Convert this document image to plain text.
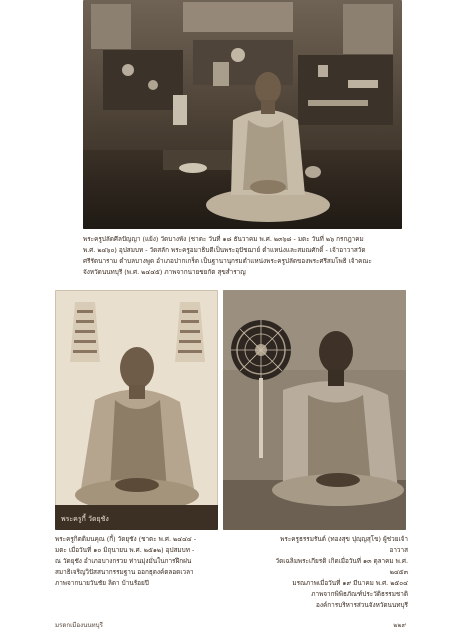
พระครูปลัดศีลปัญญา (แย้ง) วัดบางพัง (ชาตะ วันที่ ๑๘ ธันวาคม พ.ศ. ๒๓๖๘ - มตะ วันที่ ๒๖ กรกฎาคม
พ.ศ. ๒๔๖๐) อุปสมบท - วัดสลัก พระครูอมาธิบดีเป็นพระอุปัชฌาย์ ตำแหน่งและสมณศักดิ์ - เจ้าอาวาสวัด
ศรีรัตนาราม ตำบลบางพูด อำเภอปากเกร็ด เป็นฐานานุกรมตำแหน่งพระครูปลัดของพระศรีสมโพธิ เจ้าคณะ
จังหวัดนนทบุรี (พ.ศ. ๒๔๔๕) ภาพจากนายชยกัต สุขสำราญ
พระครูกี้ วัดยุชัง
พระครูกิตติมนคุณ (กี้) วัดยุชัง (ชาตะ พ.ศ. ๒๔๔๔ -
มตะ เมื่อวันที่ ๑๐ มิถุนายน พ.ศ. ๒๕๑๒) อุปสมบท -
ณ วัดยุชัง อำเภอบางกรวย ท่านมุ่งมั่นในการฝึกฝน
สมาธิเจริญวิปัสสนากรรมฐาน ออกธุดงค์ตลอดเวลา
ภาพจากนายวันชัย ลิดา บ้านร้อยปี
พระครูธรรมรันต์ (ทองสุข ปุญฺญสุโข) ผู้ช่วยเจ้าอาวาส
วัดเฉลิมพระเกียรติ เกิดเมื่อวันที่ ๑๓ ตุลาคม พ.ศ. ๒๔๕๓
มรณภาพเมื่อวันที่ ๑๙ มีนาคม พ.ศ. ๒๕๐๔
ภาพจากพิพิธภัณฑ์ประวัติธรรมชาติ
องค์การบริหารส่วนจังหวัดนนทบุรี
มรดกเมืองนนทบุรี	๒๒๙
